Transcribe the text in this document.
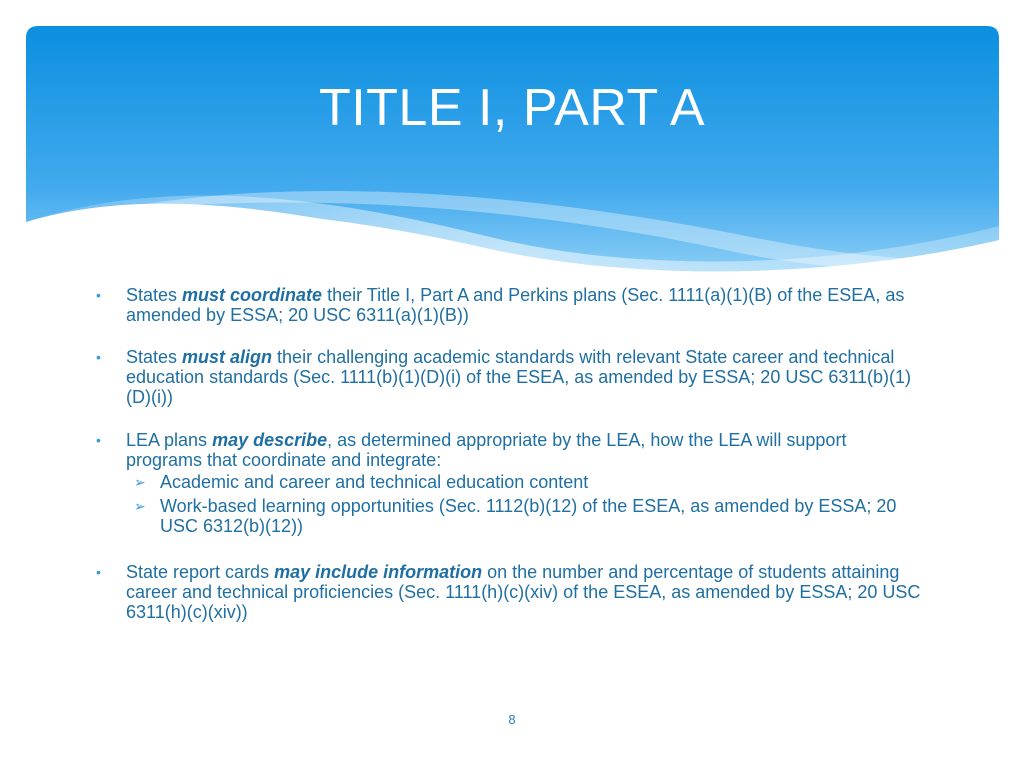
TITLE I, PART A
•	States must coordinate their Title I, Part A and Perkins plans (Sec. 1111(a)(1)(B) of the ESEA, as amended by ESSA; 20 USC 6311(a)(1)(B))
•	States must align their challenging academic standards with relevant State career and technical education standards (Sec. 1111(b)(1)(D)(i) of the ESEA, as amended by ESSA; 20 USC 6311(b)(1)(D)(i))
•	LEA plans may describe, as determined appropriate by the LEA, how the LEA will support programs that coordinate and integrate:
➢ Academic and career and technical education content
➢ Work-based learning opportunities (Sec. 1112(b)(12) of the ESEA, as amended by ESSA; 20 USC 6312(b)(12))
•	State report cards may include information on the number and percentage of students attaining career and technical proficiencies (Sec. 1111(h)(c)(xiv) of the ESEA, as amended by ESSA; 20 USC 6311(h)(c)(xiv))
8
